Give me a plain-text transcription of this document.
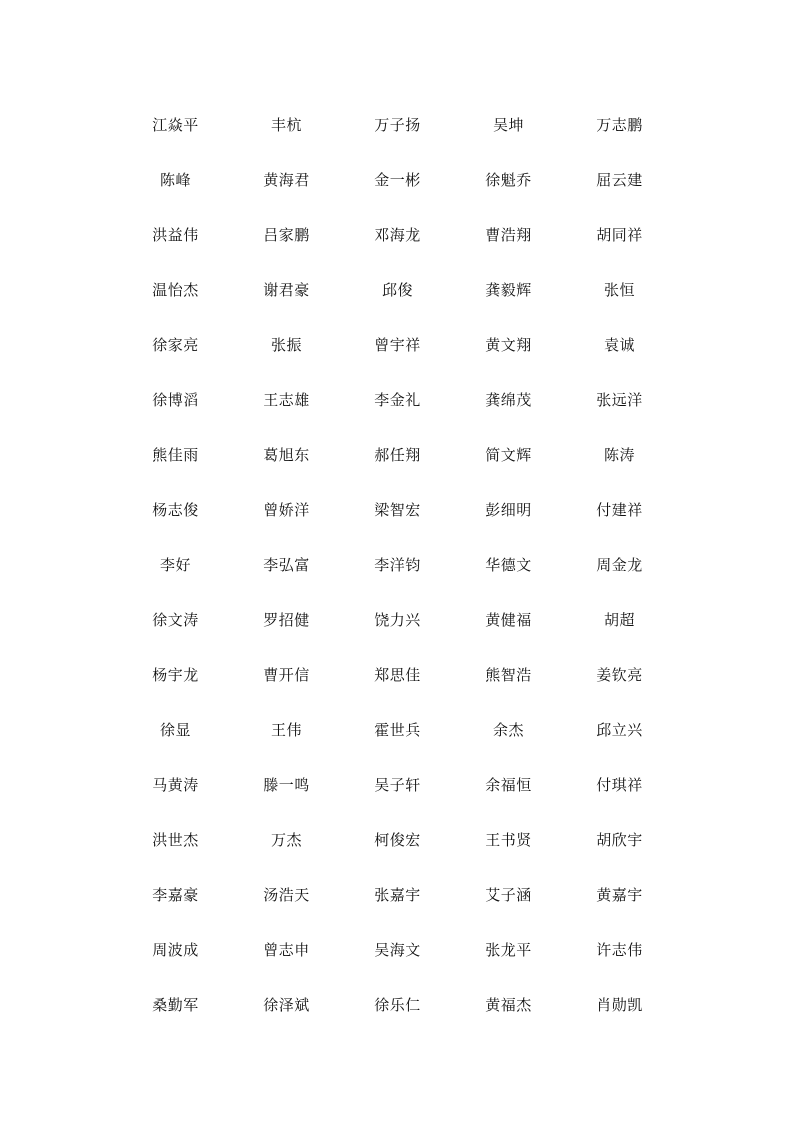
江焱平	丰杭	万子扬	吴坤	万志鹏
陈峰	黄海君	金一彬	徐魁乔	屈云建
洪益伟	吕家鹏	邓海龙	曹浩翔	胡同祥
温怡杰	谢君豪	邱俊	龚毅辉	张恒
徐家亮	张振	曾宇祥	黄文翔	袁诚
徐博滔	王志雄	李金礼	龚绵茂	张远洋
熊佳雨	葛旭东	郝任翔	简文辉	陈涛
杨志俊	曾娇洋	梁智宏	彭细明	付建祥
李好	李弘富	李洋钧	华德文	周金龙
徐文涛	罗招健	饶力兴	黄健福	胡超
杨宇龙	曹开信	郑思佳	熊智浩	姜钦亮
徐显	王伟	霍世兵	余杰	邱立兴
马黄涛	滕一鸣	吴子轩	余福恒	付琪祥
洪世杰	万杰	柯俊宏	王书贤	胡欣宇
李嘉豪	汤浩天	张嘉宇	艾子涵	黄嘉宇
周波成	曾志申	吴海文	张龙平	许志伟
桑勤军	徐泽斌	徐乐仁	黄福杰	肖勋凯
